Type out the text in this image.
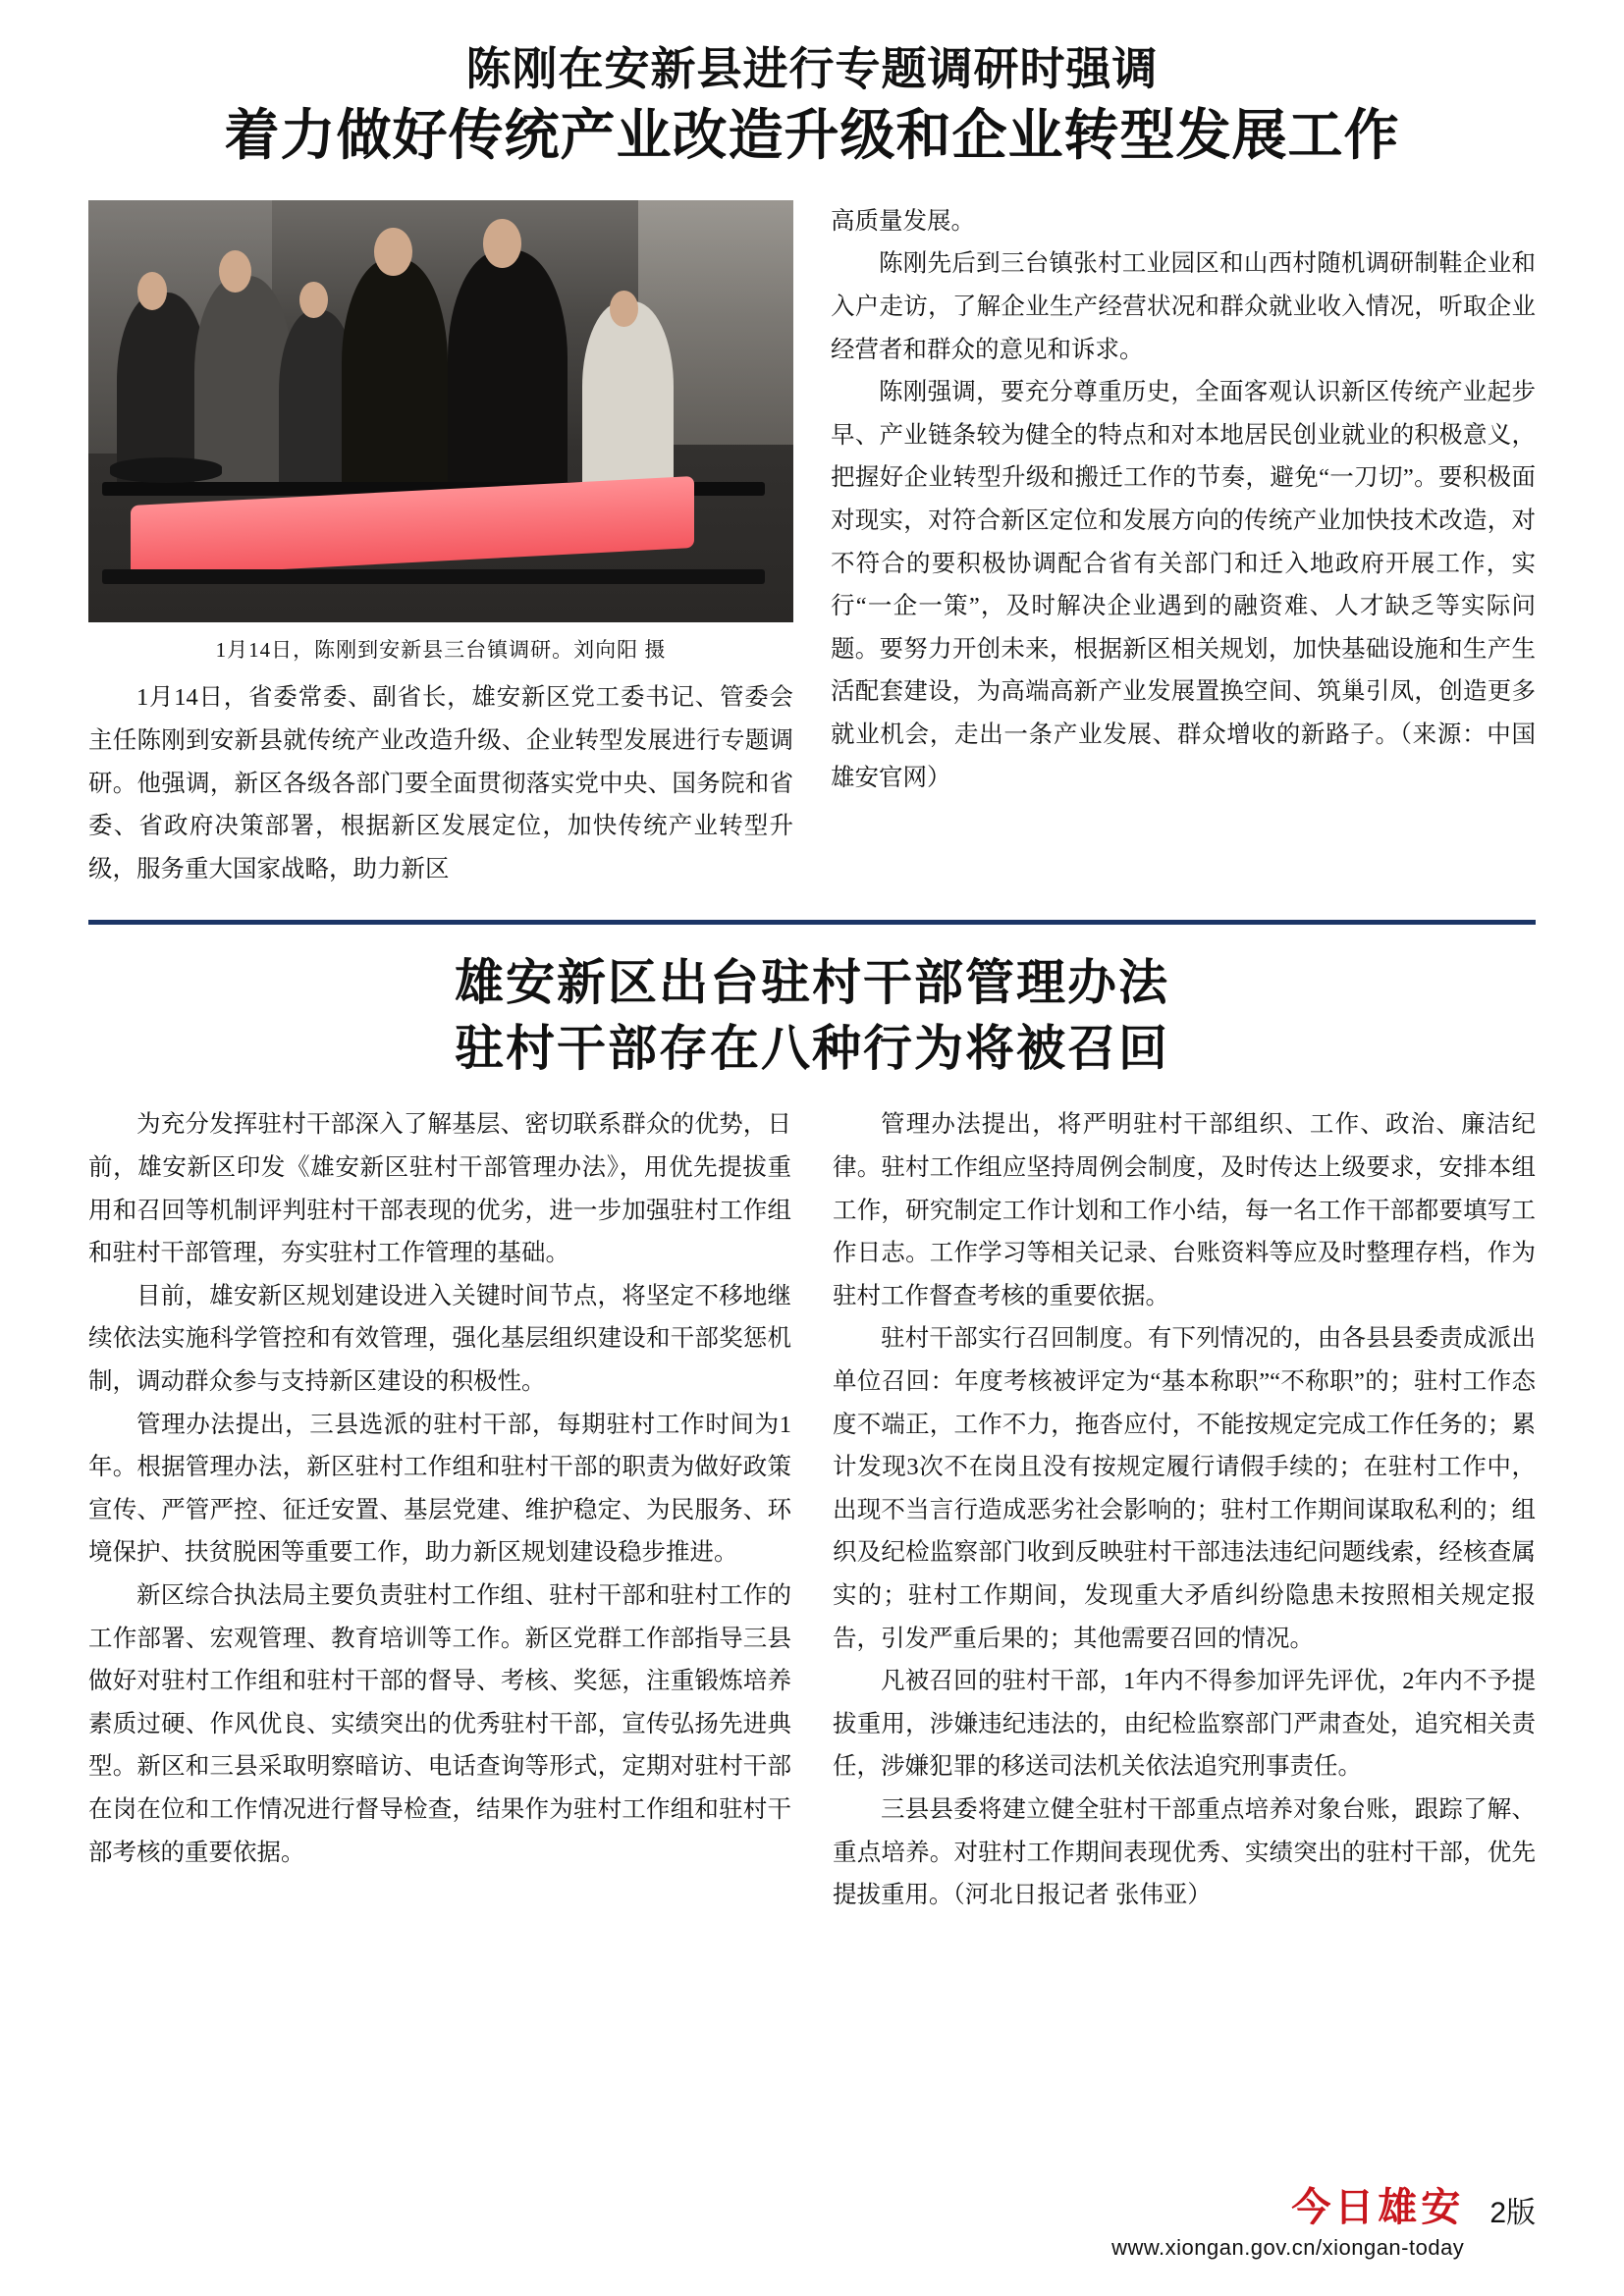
陈刚在安新县进行专题调研时强调
着力做好传统产业改造升级和企业转型发展工作
1月14日，陈刚到安新县三台镇调研。刘向阳 摄

1月14日，省委常委、副省长，雄安新区党工委书记、管委会主任陈刚到安新县就传统产业改造升级、企业转型发展进行专题调研。他强调，新区各级各部门要全面贯彻落实党中央、国务院和省委、省政府决策部署，根据新区发展定位，加快传统产业转型升级，服务重大国家战略，助力新区

高质量发展。

陈刚先后到三台镇张村工业园区和山西村随机调研制鞋企业和入户走访，了解企业生产经营状况和群众就业收入情况，听取企业经营者和群众的意见和诉求。

陈刚强调，要充分尊重历史，全面客观认识新区传统产业起步早、产业链条较为健全的特点和对本地居民创业就业的积极意义，把握好企业转型升级和搬迁工作的节奏，避免“一刀切”。要积极面对现实，对符合新区定位和发展方向的传统产业加快技术改造，对不符合的要积极协调配合省有关部门和迁入地政府开展工作，实行“一企一策”，及时解决企业遇到的融资难、人才缺乏等实际问题。要努力开创未来，根据新区相关规划，加快基础设施和生产生活配套建设，为高端高新产业发展置换空间、筑巢引凤，创造更多就业机会，走出一条产业发展、群众增收的新路子。（来源：中国雄安官网）

雄安新区出台驻村干部管理办法
驻村干部存在八种行为将被召回

为充分发挥驻村干部深入了解基层、密切联系群众的优势，日前，雄安新区印发《雄安新区驻村干部管理办法》，用优先提拔重用和召回等机制评判驻村干部表现的优劣，进一步加强驻村工作组和驻村干部管理，夯实驻村工作管理的基础。

目前，雄安新区规划建设进入关键时间节点，将坚定不移地继续依法实施科学管控和有效管理，强化基层组织建设和干部奖惩机制，调动群众参与支持新区建设的积极性。

管理办法提出，三县选派的驻村干部，每期驻村工作时间为1年。根据管理办法，新区驻村工作组和驻村干部的职责为做好政策宣传、严管严控、征迁安置、基层党建、维护稳定、为民服务、环境保护、扶贫脱困等重要工作，助力新区规划建设稳步推进。

新区综合执法局主要负责驻村工作组、驻村干部和驻村工作的工作部署、宏观管理、教育培训等工作。新区党群工作部指导三县做好对驻村工作组和驻村干部的督导、考核、奖惩，注重锻炼培养素质过硬、作风优良、实绩突出的优秀驻村干部，宣传弘扬先进典型。新区和三县采取明察暗访、电话查询等形式，定期对驻村干部在岗在位和工作情况进行督导检查，结果作为驻村工作组和驻村干部考核的重要依据。

管理办法提出，将严明驻村干部组织、工作、政治、廉洁纪律。驻村工作组应坚持周例会制度，及时传达上级要求，安排本组工作，研究制定工作计划和工作小结，每一名工作干部都要填写工作日志。工作学习等相关记录、台账资料等应及时整理存档，作为驻村工作督查考核的重要依据。

驻村干部实行召回制度。有下列情况的，由各县县委责成派出单位召回：年度考核被评定为“基本称职”“不称职”的；驻村工作态度不端正，工作不力，拖沓应付，不能按规定完成工作任务的；累计发现3次不在岗且没有按规定履行请假手续的；在驻村工作中，出现不当言行造成恶劣社会影响的；驻村工作期间谋取私利的；组织及纪检监察部门收到反映驻村干部违法违纪问题线索，经核查属实的；驻村工作期间，发现重大矛盾纠纷隐患未按照相关规定报告，引发严重后果的；其他需要召回的情况。

凡被召回的驻村干部，1年内不得参加评先评优，2年内不予提拔重用，涉嫌违纪违法的，由纪检监察部门严肃查处，追究相关责任，涉嫌犯罪的移送司法机关依法追究刑事责任。

三县县委将建立健全驻村干部重点培养对象台账，跟踪了解、重点培养。对驻村工作期间表现优秀、实绩突出的驻村干部，优先提拔重用。（河北日报记者 张伟亚）

今日雄安
www.xiongan.gov.cn/xiongan-today
2版
